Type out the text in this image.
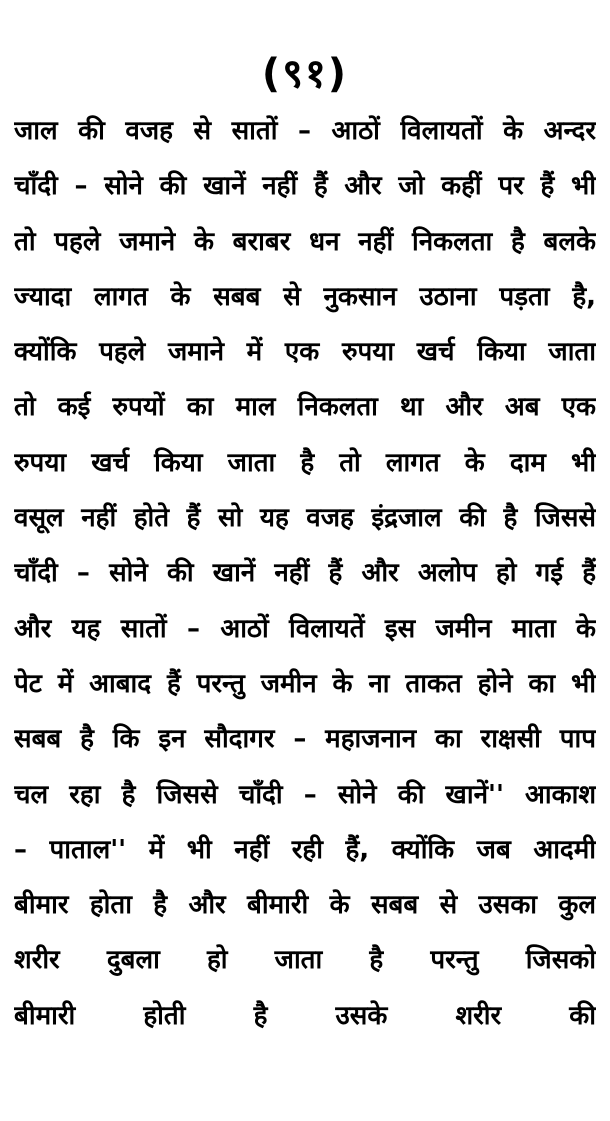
(९१)
जाल की वजह से सातों – आठों विलायतों के अन्दर
चाँदी – सोने की खानें नहीं हैं और जो कहीं पर हैं भी
तो पहले जमाने के बराबर धन नहीं निकलता है बलके
ज्यादा लागत के सबब से नुकसान उठाना पड़ता है,
क्योंकि पहले जमाने में एक रुपया खर्च किया जाता
तो कई रुपयों का माल निकलता था और अब एक
रुपया खर्च किया जाता है तो लागत के दाम भी
वसूल नहीं होते हैं सो यह वजह इंद्रजाल की है जिससे
चाँदी – सोने की खानें नहीं हैं और अलोप हो गई हैं
और यह सातों – आठों विलायतें इस जमीन माता के
पेट में आबाद हैं परन्तु जमीन के ना ताकत होने का भी
सबब है कि इन सौदागर – महाजनान का राक्षसी पाप
चल रहा है जिससे चाँदी – सोने की खानें'' आकाश
– पाताल'' में भी नहीं रही हैं, क्योंकि जब आदमी
बीमार होता है और बीमारी के सबब से उसका कुल
शरीर दुबला हो जाता है परन्तु जिसको
बीमारी होती है उसके शरीर की
